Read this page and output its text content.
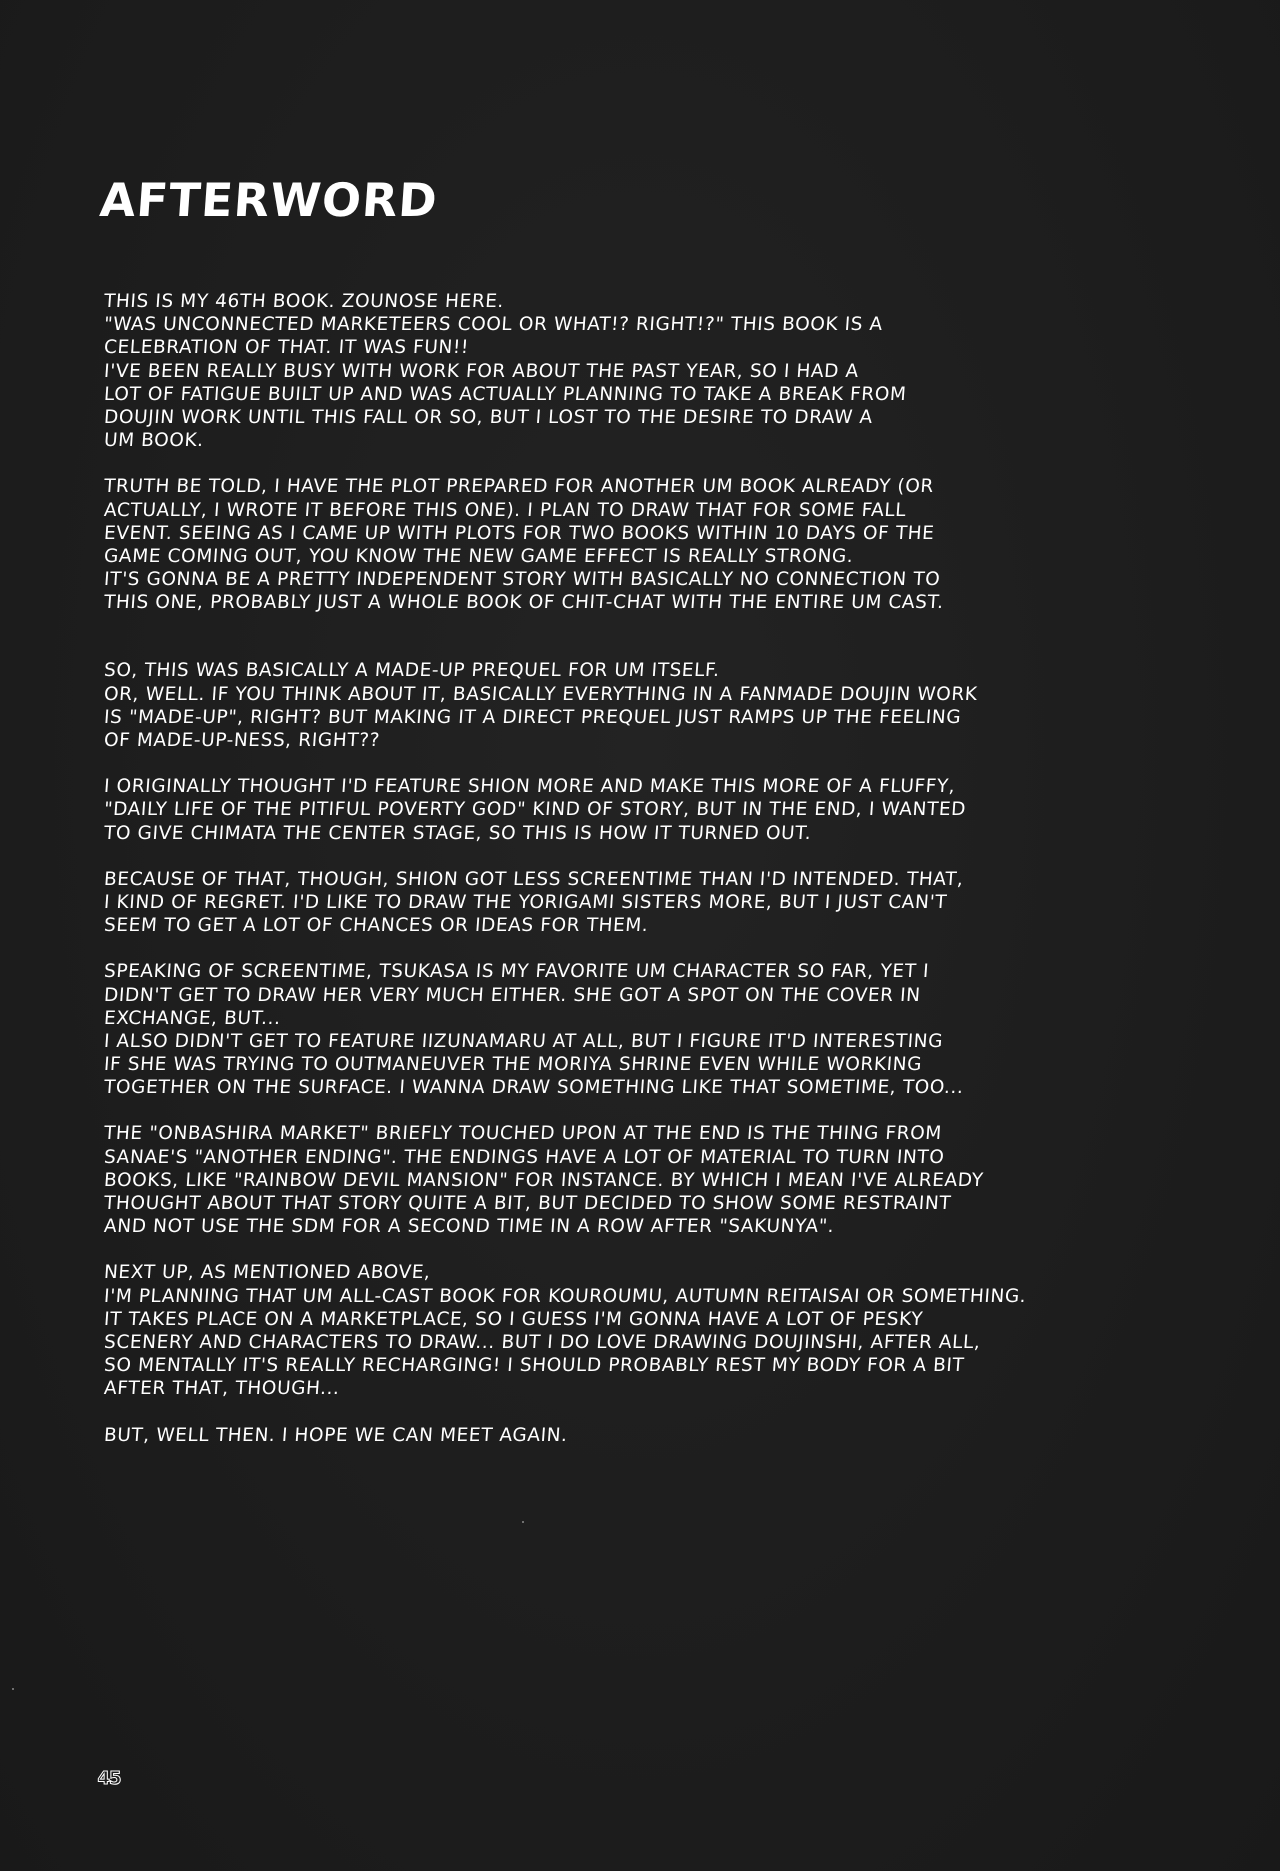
AFTERWORD
THIS IS MY 46TH BOOK. ZOUNOSE HERE.
"WAS UNCONNECTED MARKETEERS COOL OR WHAT!? RIGHT!?" THIS BOOK IS A
CELEBRATION OF THAT. IT WAS FUN!!
I'VE BEEN REALLY BUSY WITH WORK FOR ABOUT THE PAST YEAR, SO I HAD A
LOT OF FATIGUE BUILT UP AND WAS ACTUALLY PLANNING TO TAKE A BREAK FROM
DOUJIN WORK UNTIL THIS FALL OR SO, BUT I LOST TO THE DESIRE TO DRAW A
UM BOOK.
TRUTH BE TOLD, I HAVE THE PLOT PREPARED FOR ANOTHER UM BOOK ALREADY (OR
ACTUALLY, I WROTE IT BEFORE THIS ONE). I PLAN TO DRAW THAT FOR SOME FALL
EVENT. SEEING AS I CAME UP WITH PLOTS FOR TWO BOOKS WITHIN 10 DAYS OF THE
GAME COMING OUT, YOU KNOW THE NEW GAME EFFECT IS REALLY STRONG.
IT'S GONNA BE A PRETTY INDEPENDENT STORY WITH BASICALLY NO CONNECTION TO
THIS ONE, PROBABLY JUST A WHOLE BOOK OF CHIT-CHAT WITH THE ENTIRE UM CAST.
SO, THIS WAS BASICALLY A MADE-UP PREQUEL FOR UM ITSELF.
OR, WELL. IF YOU THINK ABOUT IT, BASICALLY EVERYTHING IN A FANMADE DOUJIN WORK
IS "MADE-UP", RIGHT? BUT MAKING IT A DIRECT PREQUEL JUST RAMPS UP THE FEELING
OF MADE-UP-NESS, RIGHT??
I ORIGINALLY THOUGHT I'D FEATURE SHION MORE AND MAKE THIS MORE OF A FLUFFY,
"DAILY LIFE OF THE PITIFUL POVERTY GOD" KIND OF STORY, BUT IN THE END, I WANTED
TO GIVE CHIMATA THE CENTER STAGE, SO THIS IS HOW IT TURNED OUT.
BECAUSE OF THAT, THOUGH, SHION GOT LESS SCREENTIME THAN I'D INTENDED. THAT,
I KIND OF REGRET. I'D LIKE TO DRAW THE YORIGAMI SISTERS MORE, BUT I JUST CAN'T
SEEM TO GET A LOT OF CHANCES OR IDEAS FOR THEM.
SPEAKING OF SCREENTIME, TSUKASA IS MY FAVORITE UM CHARACTER SO FAR, YET I
DIDN'T GET TO DRAW HER VERY MUCH EITHER. SHE GOT A SPOT ON THE COVER IN
EXCHANGE, BUT...
I ALSO DIDN'T GET TO FEATURE IIZUNAMARU AT ALL, BUT I FIGURE IT'D INTERESTING
IF SHE WAS TRYING TO OUTMANEUVER THE MORIYA SHRINE EVEN WHILE WORKING
TOGETHER ON THE SURFACE. I WANNA DRAW SOMETHING LIKE THAT SOMETIME, TOO...
THE "ONBASHIRA MARKET" BRIEFLY TOUCHED UPON AT THE END IS THE THING FROM
SANAE'S "ANOTHER ENDING". THE ENDINGS HAVE A LOT OF MATERIAL TO TURN INTO
BOOKS, LIKE "RAINBOW DEVIL MANSION" FOR INSTANCE. BY WHICH I MEAN I'VE ALREADY
THOUGHT ABOUT THAT STORY QUITE A BIT, BUT DECIDED TO SHOW SOME RESTRAINT
AND NOT USE THE SDM FOR A SECOND TIME IN A ROW AFTER "SAKUNYA".
NEXT UP, AS MENTIONED ABOVE,
I'M PLANNING THAT UM ALL-CAST BOOK FOR KOUROUMU, AUTUMN REITAISAI OR SOMETHING.
IT TAKES PLACE ON A MARKETPLACE, SO I GUESS I'M GONNA HAVE A LOT OF PESKY
SCENERY AND CHARACTERS TO DRAW... BUT I DO LOVE DRAWING DOUJINSHI, AFTER ALL,
SO MENTALLY IT'S REALLY RECHARGING! I SHOULD PROBABLY REST MY BODY FOR A BIT
AFTER THAT, THOUGH...
BUT, WELL THEN. I HOPE WE CAN MEET AGAIN.
45
